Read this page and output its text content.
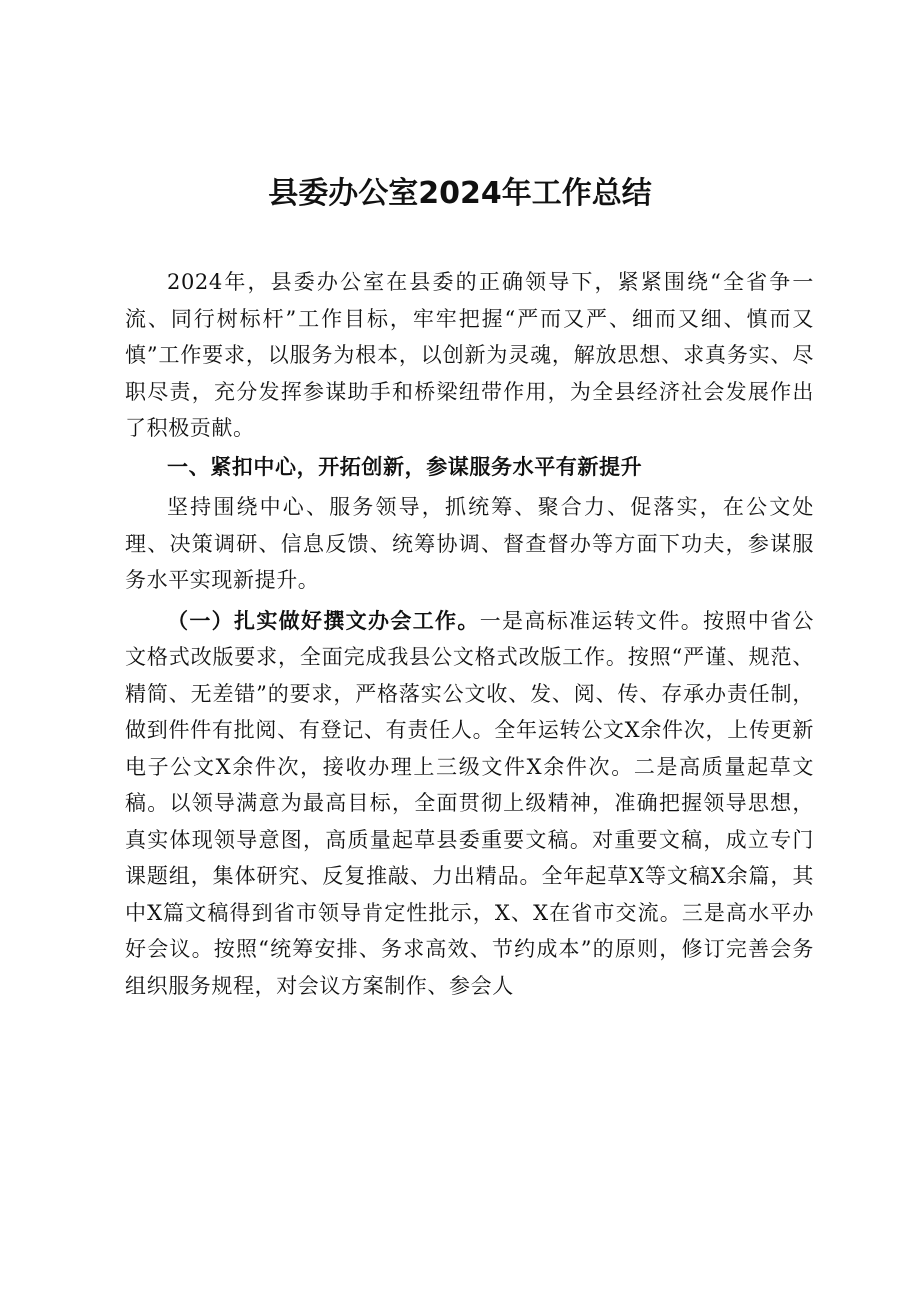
县委办公室2024年工作总结

2024年，县委办公室在县委的正确领导下，紧紧围绕“全省争一流、同行树标杆”工作目标，牢牢把握“严而又严、细而又细、慎而又慎”工作要求，以服务为根本，以创新为灵魂，解放思想、求真务实、尽职尽责，充分发挥参谋助手和桥梁纽带作用，为全县经济社会发展作出了积极贡献。

一、紧扣中心，开拓创新，参谋服务水平有新提升

坚持围绕中心、服务领导，抓统筹、聚合力、促落实，在公文处理、决策调研、信息反馈、统筹协调、督查督办等方面下功夫，参谋服务水平实现新提升。

（一）扎实做好撰文办会工作。一是高标准运转文件。按照中省公文格式改版要求，全面完成我县公文格式改版工作。按照“严谨、规范、精简、无差错”的要求，严格落实公文收、发、阅、传、存承办责任制，做到件件有批阅、有登记、有责任人。全年运转公文X余件次，上传更新电子公文X余件次，接收办理上三级文件X余件次。二是高质量起草文稿。以领导满意为最高目标，全面贯彻上级精神，准确把握领导思想，真实体现领导意图，高质量起草县委重要文稿。对重要文稿，成立专门课题组，集体研究、反复推敲、力出精品。全年起草X等文稿X余篇，其中X篇文稿得到省市领导肯定性批示，X、X在省市交流。三是高水平办好会议。按照“统筹安排、务求高效、节约成本”的原则，修订完善会务组织服务规程，对会议方案制作、参会人
